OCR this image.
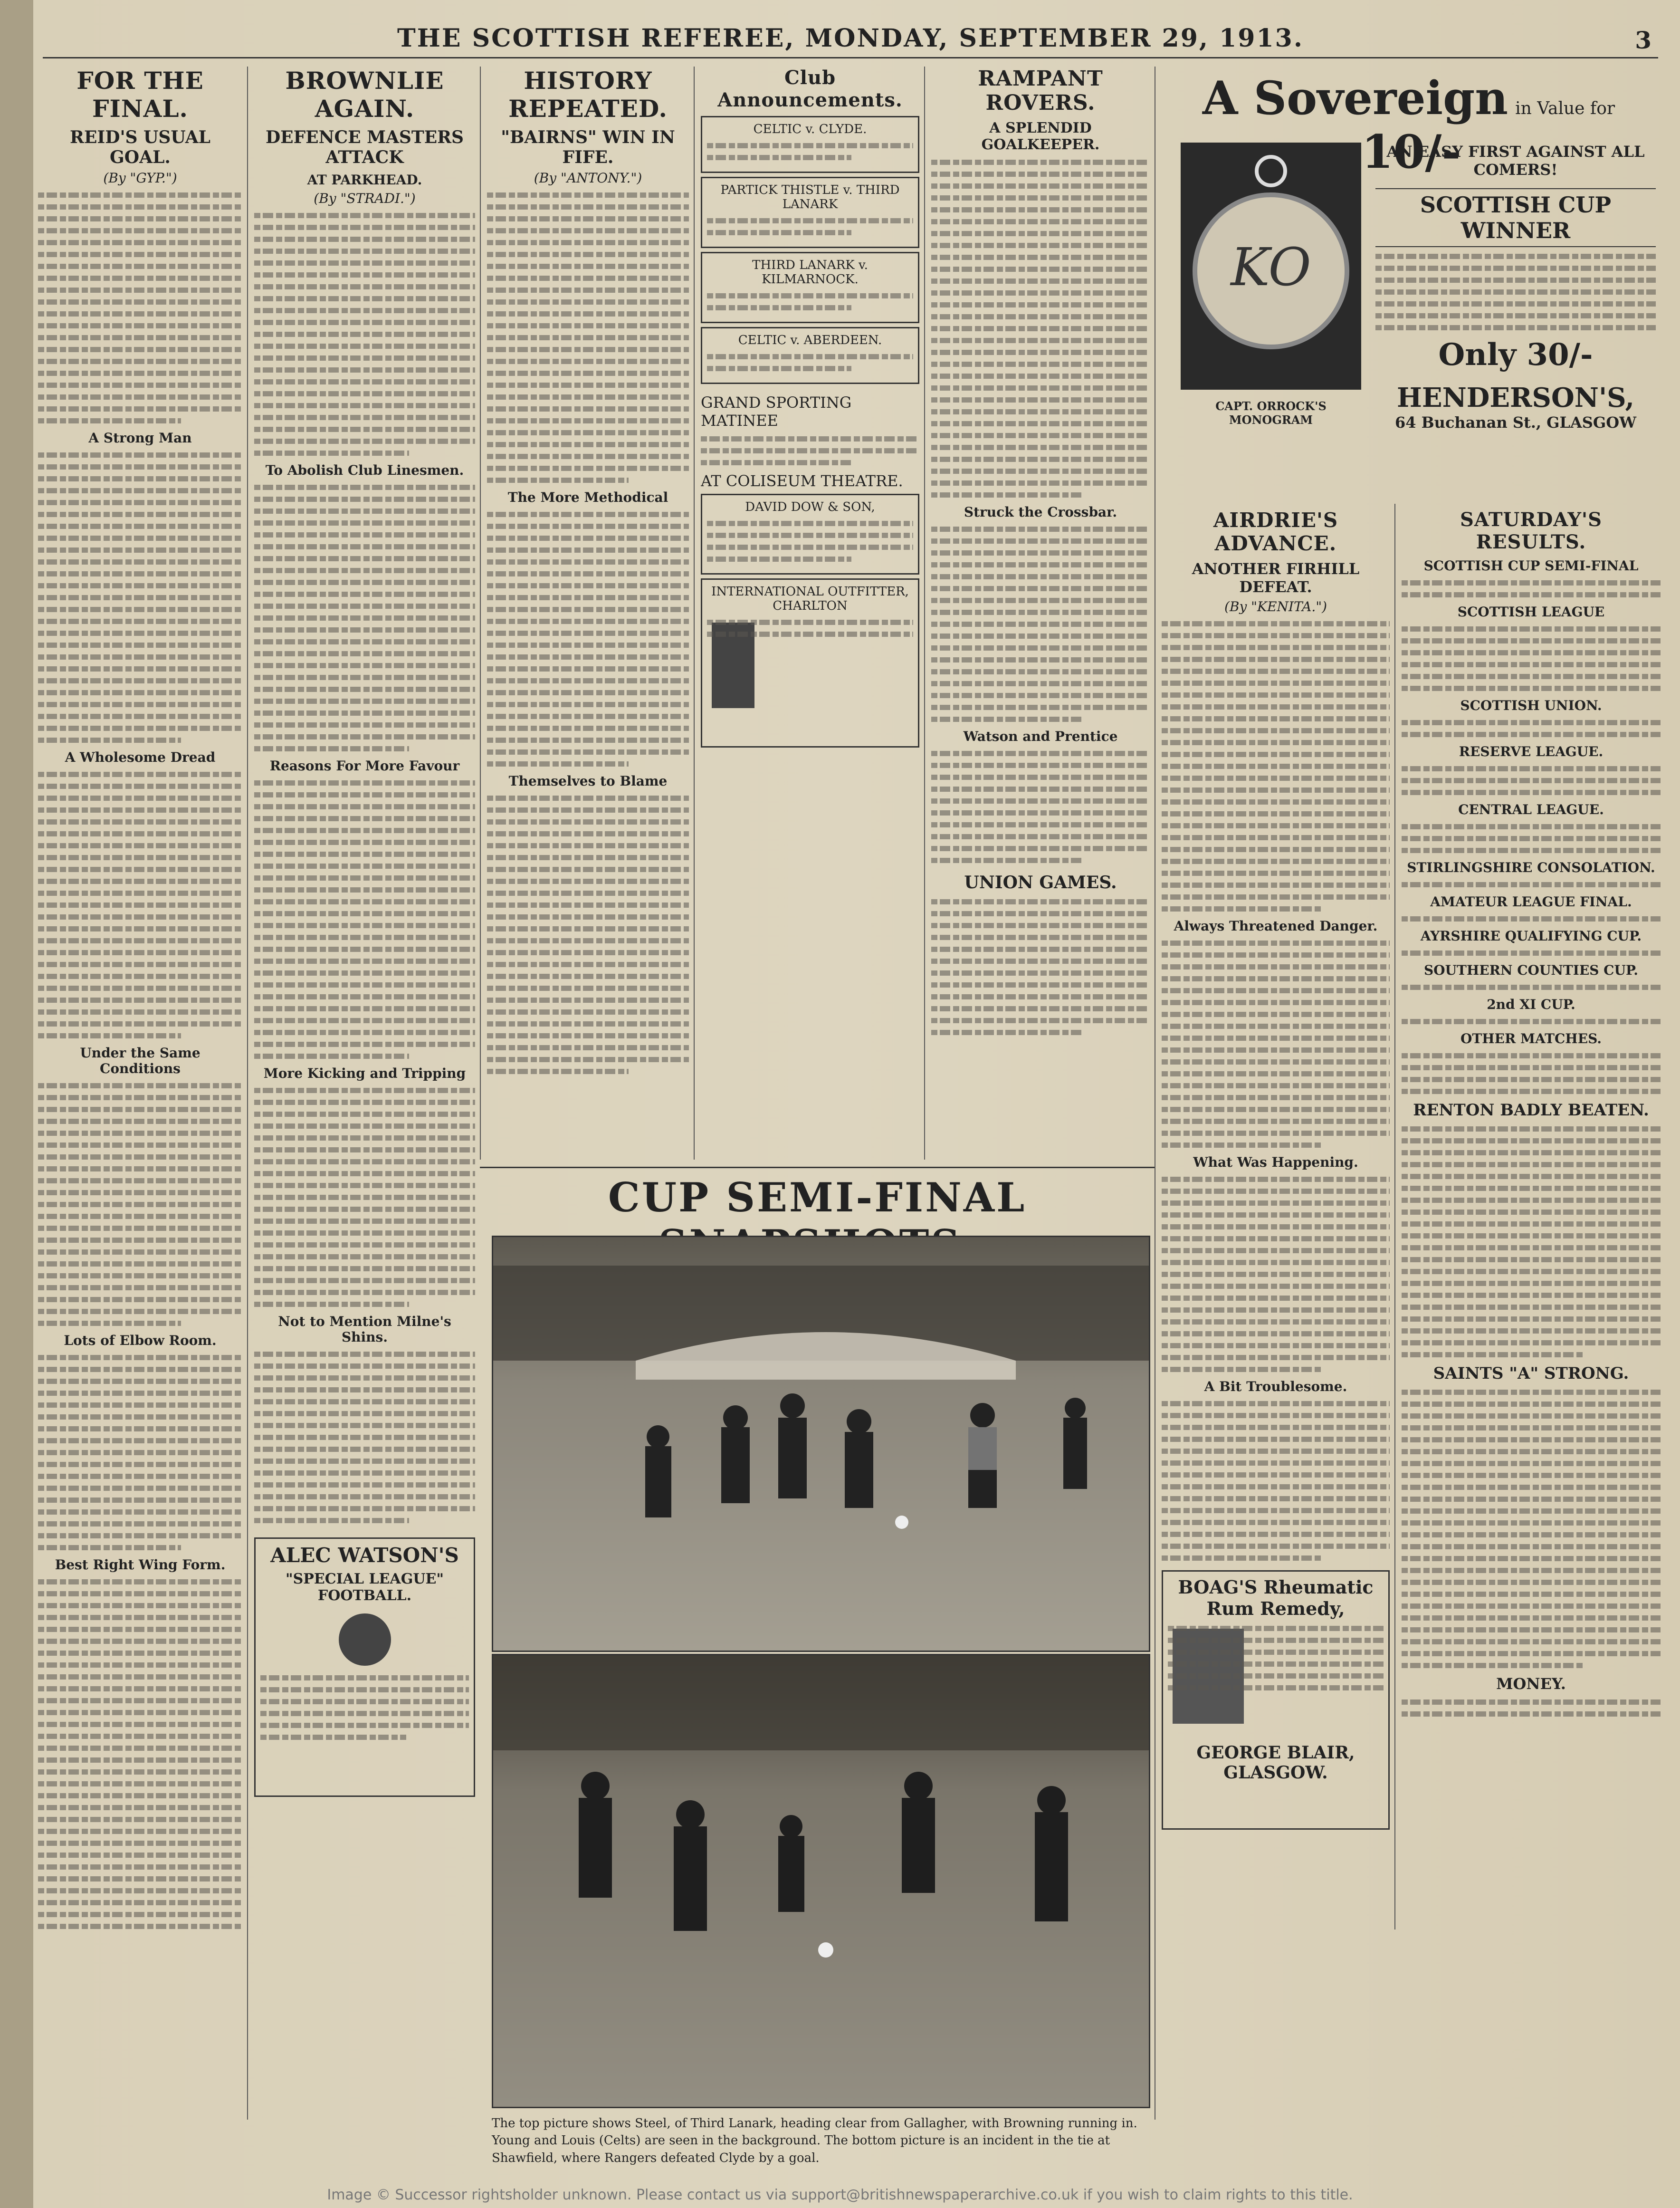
THE SCOTTISH REFEREE, MONDAY, SEPTEMBER 29, 1913.	3
FOR THE FINAL.
REID'S USUAL GOAL.
(By "GYP.")
A Strong Man
A Wholesome Dread
Under the Same Conditions
Lots of Elbow Room.
Best Right Wing Form.
BROWNLIE AGAIN.
DEFENCE MASTERS ATTACK
AT PARKHEAD.
(By "STRADI.")
To Abolish Club Linesmen.
Reasons For More Favour
More Kicking and Tripping
Not to Mention Milne's Shins.
ALEC WATSON'S
"SPECIAL LEAGUE" FOOTBALL.
HISTORY REPEATED.
"BAIRNS" WIN IN FIFE.
(By "ANTONY.")
The More Methodical
Themselves to Blame
Club Announcements.
CELTIC v. CLYDE.
PARTICK THISTLE v. THIRD LANARK
THIRD LANARK v. KILMARNOCK.
CELTIC v. ABERDEEN.
GRAND SPORTING MATINEE
AT COLISEUM THEATRE.
DAVID DOW & SON,
INTERNATIONAL OUTFITTER, CHARLTON
RAMPANT ROVERS.
A SPLENDID GOALKEEPER.
Struck the Crossbar.
Watson and Prentice
UNION GAMES.
A Sovereign in Value for 10/-
KO
CAPT. ORROCK'S MONOGRAM
AN EASY FIRST AGAINST ALL COMERS!
SCOTTISH CUP WINNER
Only 30/-
HENDERSON'S,
64 Buchanan St., GLASGOW
AIRDRIE'S ADVANCE.
ANOTHER FIRHILL DEFEAT.
(By "KENITA.")
Always Threatened Danger.
What Was Happening.
A Bit Troublesome.
BOAG'S Rheumatic Rum Remedy,
GEORGE BLAIR, GLASGOW.
SATURDAY'S RESULTS.
SCOTTISH CUP SEMI-FINAL
SCOTTISH LEAGUE
SCOTTISH UNION.
RESERVE LEAGUE.
CENTRAL LEAGUE.
STIRLINGSHIRE CONSOLATION.
AMATEUR LEAGUE FINAL.
AYRSHIRE QUALIFYING CUP.
SOUTHERN COUNTIES CUP.
2nd XI CUP.
OTHER MATCHES.
RENTON BADLY BEATEN.
SAINTS "A" STRONG.
MONEY.
CUP SEMI-FINAL
The top picture shows Steel, of Third Lanark, heading clear from Gallagher, with Browning running in. Young and Louis (Celts) are seen in the background. The bottom picture is an incident in the tie at Shawfield, where Rangers defeated Clyde by a goal.
Image © Successor rightsholder unknown. Please contact us via support@britishnewspaperarchive.co.uk if you wish to claim rights to this title.
